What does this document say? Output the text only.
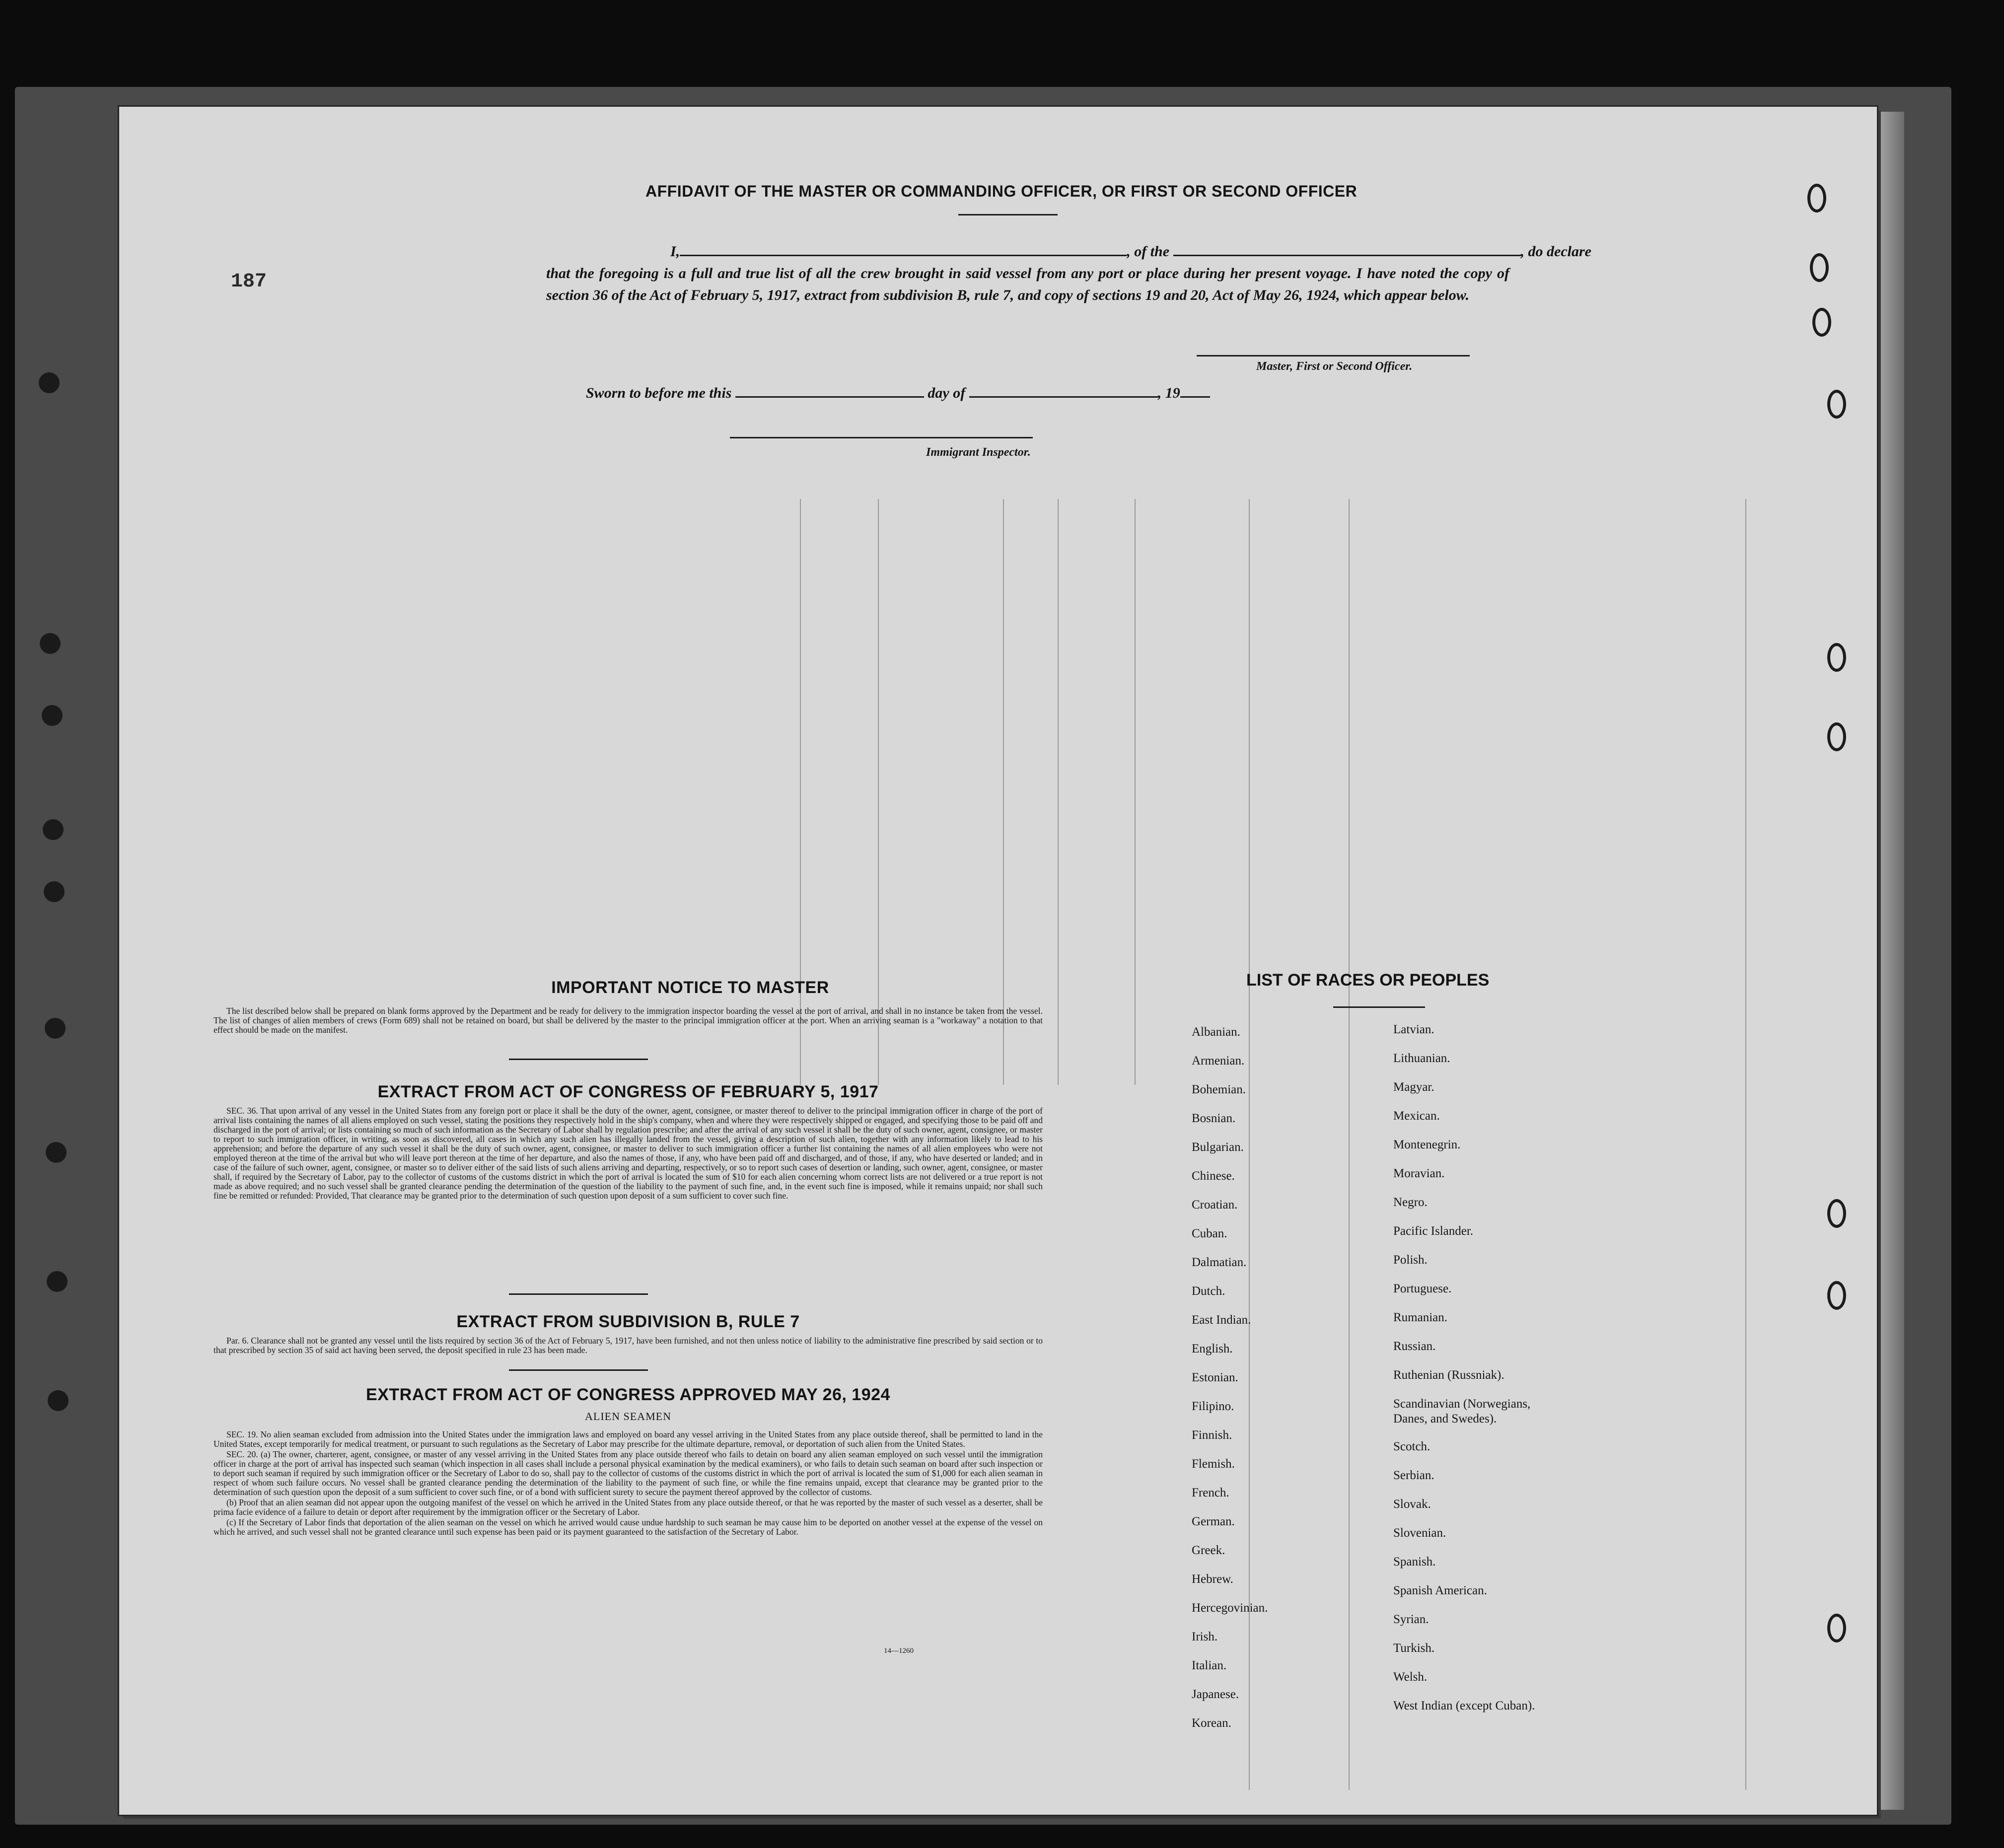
187
AFFIDAVIT OF THE MASTER OR COMMANDING OFFICER, OR FIRST OR SECOND OFFICER
I,	, of the	, do declare
that the foregoing is a full and true list of all the crew brought in said vessel from any port or place during her present voyage. I have noted the copy of section 36 of the Act of February 5, 1917, extract from subdivision B, rule 7, and copy of sections 19 and 20, Act of May 26, 1924, which appear below.
Master, First or Second Officer.
Sworn to before me this	day of	, 19
Immigrant Inspector.
IMPORTANT NOTICE TO MASTER

The list described below shall be prepared on blank forms approved by the Department and be ready for delivery to the immigration inspector boarding the vessel at the port of arrival, and shall in no instance be taken from the vessel. The list of changes of alien members of crews (Form 689) shall not be retained on board, but shall be delivered by the master to the principal immigration officer at the port. When an arriving seaman is a "workaway" a notation to that effect should be made on the manifest.

EXTRACT FROM ACT OF CONGRESS OF FEBRUARY 5, 1917

SEC. 36. That upon arrival of any vessel in the United States from any foreign port or place it shall be the duty of the owner, agent, consignee, or master thereof to deliver to the principal immigration officer in charge of the port of arrival lists containing the names of all aliens employed on such vessel, stating the positions they respectively hold in the ship's company, when and where they were respectively shipped or engaged, and specifying those to be paid off and discharged in the port of arrival; or lists containing so much of such information as the Secretary of Labor shall by regulation prescribe; and after the arrival of any such vessel it shall be the duty of such owner, agent, consignee, or master to report to such immigration officer, in writing, as soon as discovered, all cases in which any such alien has illegally landed from the vessel, giving a description of such alien, together with any information likely to lead to his apprehension; and before the departure of any such vessel it shall be the duty of such owner, agent, consignee, or master to deliver to such immigration officer a further list containing the names of all alien employees who were not employed thereon at the time of the arrival but who will leave port thereon at the time of her departure, and also the names of those, if any, who have been paid off and discharged, and of those, if any, who have deserted or landed; and in case of the failure of such owner, agent, consignee, or master so to deliver either of the said lists of such aliens arriving and departing, respectively, or so to report such cases of desertion or landing, such owner, agent, consignee, or master shall, if required by the Secretary of Labor, pay to the collector of customs of the customs district in which the port of arrival is located the sum of $10 for each alien concerning whom correct lists are not delivered or a true report is not made as above required; and no such vessel shall be granted clearance pending the determination of the question of the liability to the payment of such fine, and, in the event such fine is imposed, while it remains unpaid; nor shall such fine be remitted or refunded: Provided, That clearance may be granted prior to the determination of such question upon deposit of a sum sufficient to cover such fine.

EXTRACT FROM SUBDIVISION B, RULE 7

Par. 6. Clearance shall not be granted any vessel until the lists required by section 36 of the Act of February 5, 1917, have been furnished, and not then unless notice of liability to the administrative fine prescribed by said section or to that prescribed by section 35 of said act having been served, the deposit specified in rule 23 has been made.

EXTRACT FROM ACT OF CONGRESS APPROVED MAY 26, 1924
ALIEN SEAMEN

SEC. 19. No alien seaman excluded from admission into the United States under the immigration laws and employed on board any vessel arriving in the United States from any place outside thereof, shall be permitted to land in the United States, except temporarily for medical treatment, or pursuant to such regulations as the Secretary of Labor may prescribe for the ultimate departure, removal, or deportation of such alien from the United States.

SEC. 20. (a) The owner, charterer, agent, consignee, or master of any vessel arriving in the United States from any place outside thereof who fails to detain on board any alien seaman employed on such vessel until the immigration officer in charge at the port of arrival has inspected such seaman (which inspection in all cases shall include a personal physical examination by the medical examiners), or who fails to detain such seaman on board after such inspection or to deport such seaman if required by such immigration officer or the Secretary of Labor to do so, shall pay to the collector of customs of the customs district in which the port of arrival is located the sum of $1,000 for each alien seaman in respect of whom such failure occurs. No vessel shall be granted clearance pending the determination of the liability to the payment of such fine, or while the fine remains unpaid, except that clearance may be granted prior to the determination of such question upon the deposit of a sum sufficient to cover such fine, or of a bond with sufficient surety to secure the payment thereof approved by the collector of customs.

(b) Proof that an alien seaman did not appear upon the outgoing manifest of the vessel on which he arrived in the United States from any place outside thereof, or that he was reported by the master of such vessel as a deserter, shall be prima facie evidence of a failure to detain or deport after requirement by the immigration officer or the Secretary of Labor.

(c) If the Secretary of Labor finds that deportation of the alien seaman on the vessel on which he arrived would cause undue hardship to such seaman he may cause him to be deported on another vessel at the expense of the vessel on which he arrived, and such vessel shall not be granted clearance until such expense has been paid or its payment guaranteed to the satisfaction of the Secretary of Labor.

14—1260
LIST OF RACES OR PEOPLES
Albanian.
Armenian.
Bohemian.
Bosnian.
Bulgarian.
Chinese.
Croatian.
Cuban.
Dalmatian.
Dutch.
East Indian.
English.
Estonian.
Filipino.
Finnish.
Flemish.
French.
German.
Greek.
Hebrew.
Hercegovinian.
Irish.
Italian.
Japanese.
Korean.
Latvian.
Lithuanian.
Magyar.
Mexican.
Montenegrin.
Moravian.
Negro.
Pacific Islander.
Polish.
Portuguese.
Rumanian.
Russian.
Ruthenian (Russniak).
Scandinavian (Norwegians,
Danes, and Swedes).
Scotch.
Serbian.
Slovak.
Slovenian.
Spanish.
Spanish American.
Syrian.
Turkish.
Welsh.
West Indian (except Cuban).
